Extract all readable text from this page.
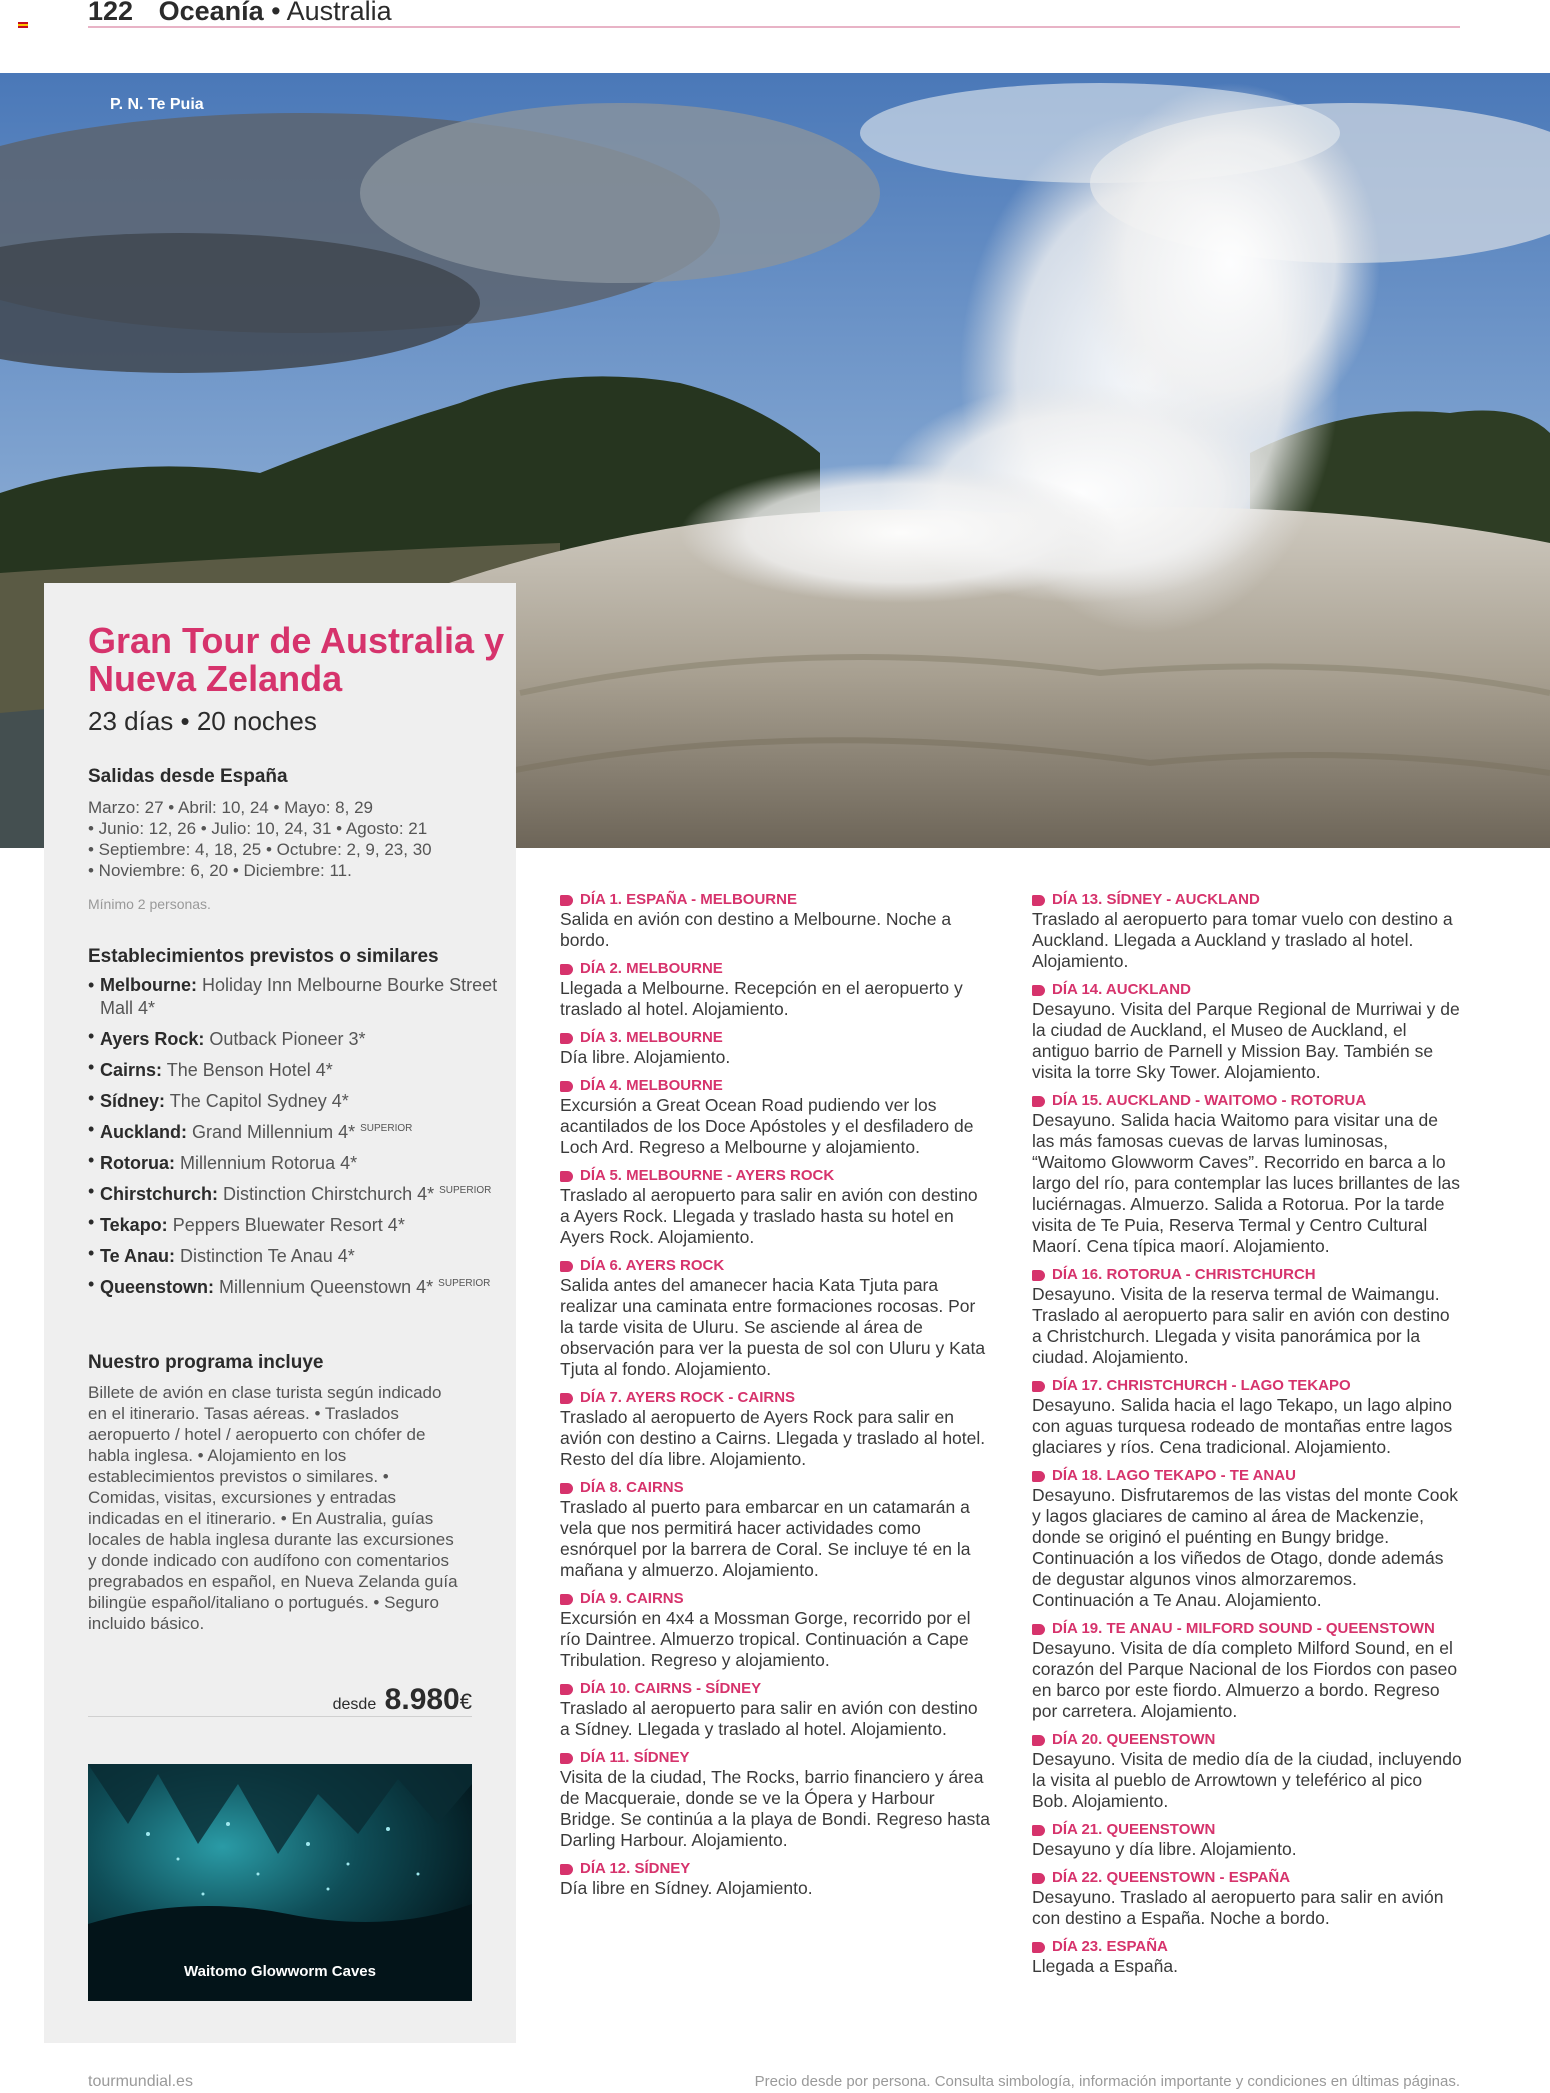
122 Oceanía • Australia
P. N. Te Puia
Gran Tour de Australia y Nueva Zelanda
23 días • 20 noches
Salidas desde España
Marzo: 27 • Abril: 10, 24 • Mayo: 8, 29
• Junio: 12, 26 • Julio: 10, 24, 31 • Agosto: 21
• Septiembre: 4, 18, 25 • Octubre: 2, 9, 23, 30
• Noviembre: 6, 20 • Diciembre: 11.
Mínimo 2 personas.
Establecimientos previstos o similares
• Melbourne: Holiday Inn Melbourne Bourke Street Mall 4*
• Ayers Rock: Outback Pioneer 3*
• Cairns: The Benson Hotel 4*
• Sídney: The Capitol Sydney 4*
• Auckland: Grand Millennium 4* $^{SUPERIOR}$
• Rotorua: Millennium Rotorua 4*
• Chirstchurch: Distinction Chirstchurch 4* $^{SUPERIOR}$
• Tekapo: Peppers Bluewater Resort 4*
• Te Anau: Distinction Te Anau 4*
• Queenstown: Millennium Queenstown 4* $^{SUPERIOR}$
Nuestro programa incluye
Billete de avión en clase turista según indicado en el itinerario. Tasas aéreas. • Traslados aeropuerto / hotel / aeropuerto con chófer de habla inglesa. • Alojamiento en los establecimientos previstos o similares. • Comidas, visitas, excursiones y entradas indicadas en el itinerario. • En Australia, guías locales de habla inglesa durante las excursiones y donde indicado con audífono con comentarios pregrabados en español, en Nueva Zelanda guía bilingüe español/italiano o portugués. • Seguro incluido básico.
desde 8.980€
Waitomo Glowworm Caves
DÍA 1. ESPAÑA - MELBOURNE
Salida en avión con destino a Melbourne. Noche a bordo.
DÍA 2. MELBOURNE
Llegada a Melbourne. Recepción en el aeropuerto y traslado al hotel. Alojamiento.
DÍA 3. MELBOURNE
Día libre. Alojamiento.
DÍA 4. MELBOURNE
Excursión a Great Ocean Road pudiendo ver los acantilados de los Doce Apóstoles y el desfiladero de Loch Ard. Regreso a Melbourne y alojamiento.
DÍA 5. MELBOURNE - AYERS ROCK
Traslado al aeropuerto para salir en avión con destino a Ayers Rock. Llegada y traslado hasta su hotel en Ayers Rock. Alojamiento.
DÍA 6. AYERS ROCK
Salida antes del amanecer hacia Kata Tjuta para realizar una caminata entre formaciones rocosas. Por la tarde visita de Uluru. Se asciende al área de observación para ver la puesta de sol con Uluru y Kata Tjuta al fondo. Alojamiento.
DÍA 7. AYERS ROCK - CAIRNS
Traslado al aeropuerto de Ayers Rock para salir en avión con destino a Cairns. Llegada y traslado al hotel. Resto del día libre. Alojamiento.
DÍA 8. CAIRNS
Traslado al puerto para embarcar en un catamarán a vela que nos permitirá hacer actividades como esnórquel por la barrera de Coral. Se incluye té en la mañana y almuerzo. Alojamiento.
DÍA 9. CAIRNS
Excursión en 4x4 a Mossman Gorge, recorrido por el río Daintree. Almuerzo tropical. Continuación a Cape Tribulation. Regreso y alojamiento.
DÍA 10. CAIRNS - SÍDNEY
Traslado al aeropuerto para salir en avión con destino a Sídney. Llegada y traslado al hotel. Alojamiento.
DÍA 11. SÍDNEY
Visita de la ciudad, The Rocks, barrio financiero y área de Macqueraie, donde se ve la Ópera y Harbour Bridge. Se continúa a la playa de Bondi. Regreso hasta Darling Harbour. Alojamiento.
DÍA 12. SÍDNEY
Día libre en Sídney. Alojamiento.
DÍA 13. SÍDNEY - AUCKLAND
Traslado al aeropuerto para tomar vuelo con destino a Auckland. Llegada a Auckland y traslado al hotel. Alojamiento.
DÍA 14. AUCKLAND
Desayuno. Visita del Parque Regional de Murriwai y de la ciudad de Auckland, el Museo de Auckland, el antiguo barrio de Parnell y Mission Bay. También se visita la torre Sky Tower. Alojamiento.
DÍA 15. AUCKLAND - WAITOMO - ROTORUA
Desayuno. Salida hacia Waitomo para visitar una de las más famosas cuevas de larvas luminosas, “Waitomo Glowworm Caves”. Recorrido en barca a lo largo del río, para contemplar las luces brillantes de las luciérnagas. Almuerzo. Salida a Rotorua. Por la tarde visita de Te Puia, Reserva Termal y Centro Cultural Maorí. Cena típica maorí. Alojamiento.
DÍA 16. ROTORUA - CHRISTCHURCH
Desayuno. Visita de la reserva termal de Waimangu. Traslado al aeropuerto para salir en avión con destino a Christchurch. Llegada y visita panorámica por la ciudad. Alojamiento.
DÍA 17. CHRISTCHURCH - LAGO TEKAPO
Desayuno. Salida hacia el lago Tekapo, un lago alpino con aguas turquesa rodeado de montañas entre lagos glaciares y ríos. Cena tradicional. Alojamiento.
DÍA 18. LAGO TEKAPO - TE ANAU
Desayuno. Disfrutaremos de las vistas del monte Cook y lagos glaciares de camino al área de Mackenzie, donde se originó el puénting en Bungy bridge. Continuación a los viñedos de Otago, donde además de degustar algunos vinos almorzaremos. Continuación a Te Anau. Alojamiento.
DÍA 19. TE ANAU - MILFORD SOUND - QUEENSTOWN
Desayuno. Visita de día completo Milford Sound, en el corazón del Parque Nacional de los Fiordos con paseo en barco por este fiordo. Almuerzo a bordo. Regreso por carretera. Alojamiento.
DÍA 20. QUEENSTOWN
Desayuno. Visita de medio día de la ciudad, incluyendo la visita al pueblo de Arrowtown y teleférico al pico Bob. Alojamiento.
DÍA 21. QUEENSTOWN
Desayuno y día libre. Alojamiento.
DÍA 22. QUEENSTOWN - ESPAÑA
Desayuno. Traslado al aeropuerto para salir en avión con destino a España. Noche a bordo.
DÍA 23. ESPAÑA
Llegada a España.
tourmundial.es	Precio desde por persona. Consulta simbología, información importante y condiciones en últimas páginas.
